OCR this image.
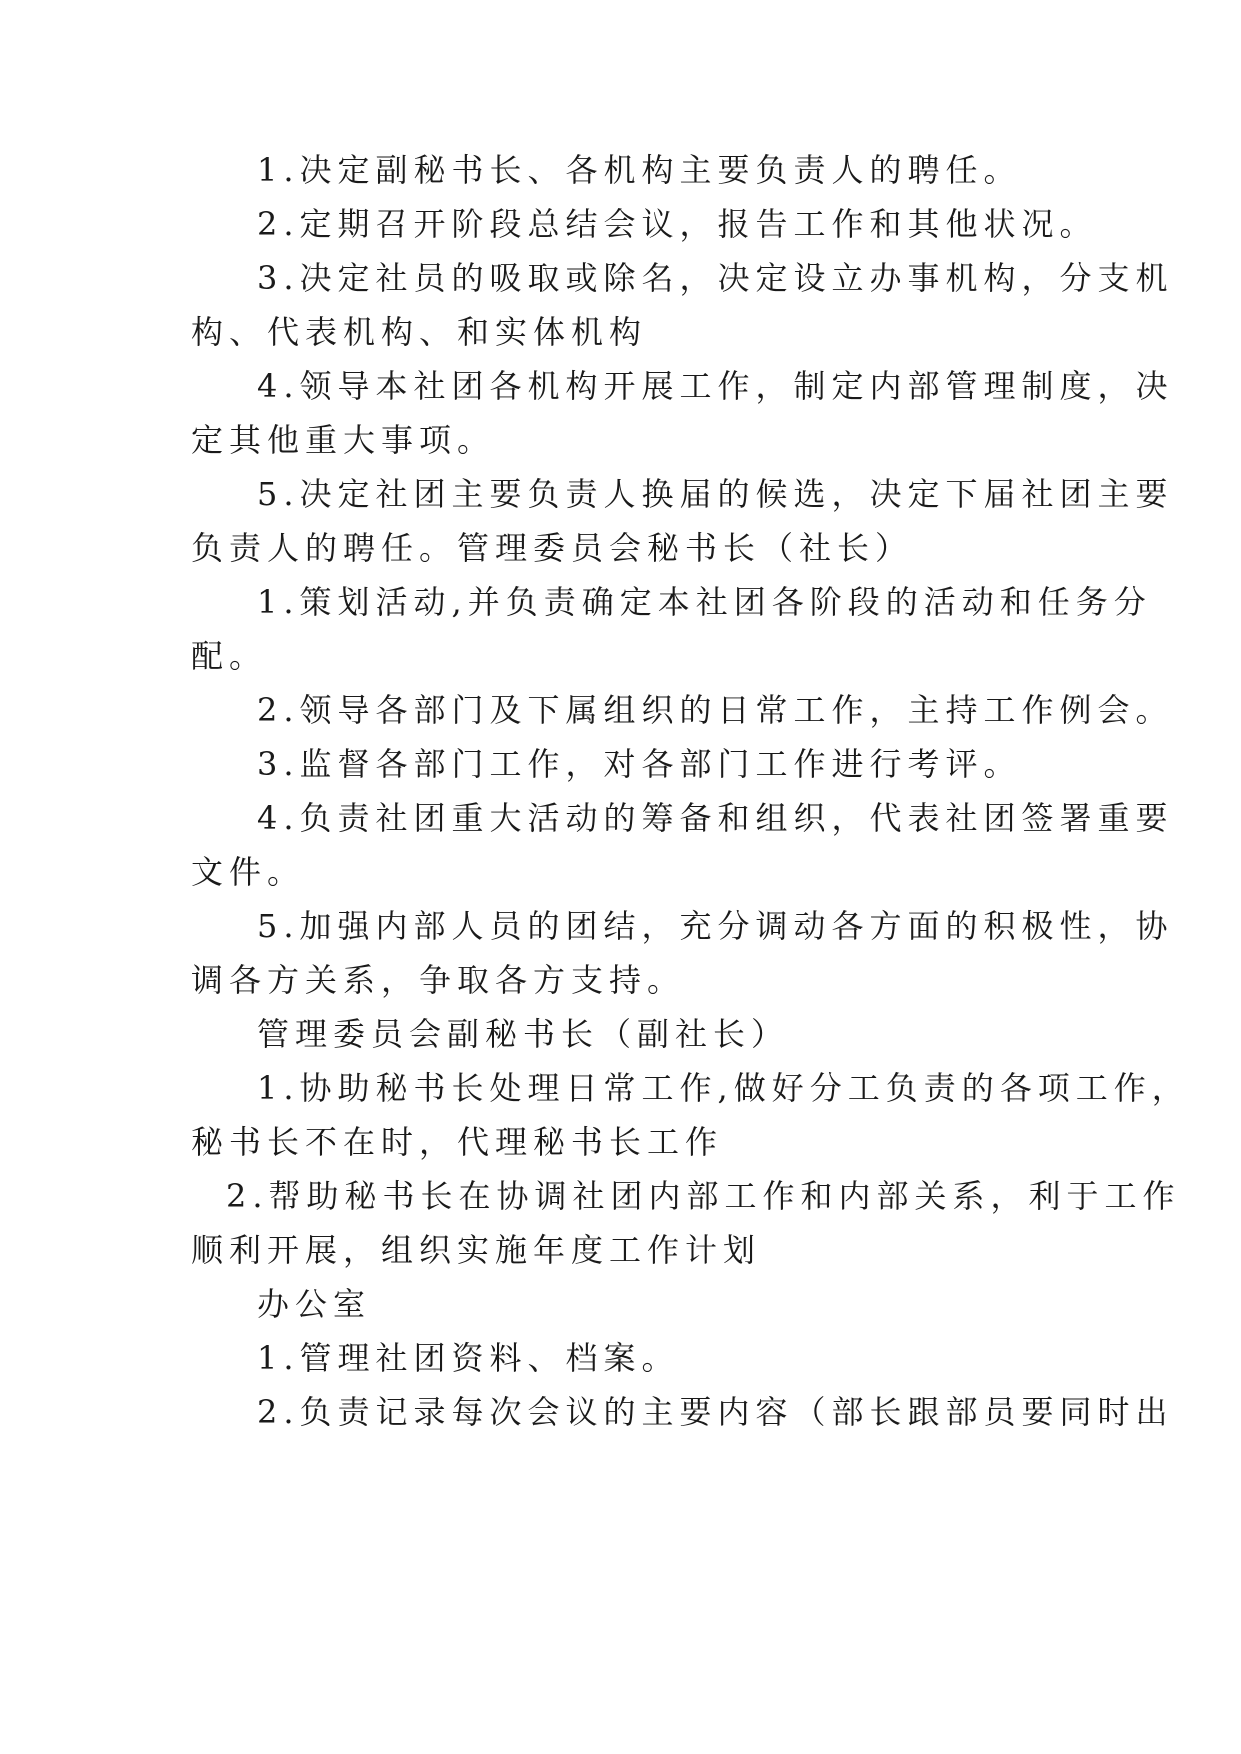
1.决定副秘书长、各机构主要负责人的聘任。
2.定期召开阶段总结会议，报告工作和其他状况。
3.决定社员的吸取或除名，决定设立办事机构，分支机
构、代表机构、和实体机构
4.领导本社团各机构开展工作，制定内部管理制度，决
定其他重大事项。
5.决定社团主要负责人换届的候选，决定下届社团主要
负责人的聘任。管理委员会秘书长（社长）
1.策划活动,并负责确定本社团各阶段的活动和任务分
配。
2.领导各部门及下属组织的日常工作，主持工作例会。
3.监督各部门工作，对各部门工作进行考评。
4.负责社团重大活动的筹备和组织，代表社团签署重要
文件。
5.加强内部人员的团结，充分调动各方面的积极性，协
调各方关系，争取各方支持。
管理委员会副秘书长（副社长）
1.协助秘书长处理日常工作,做好分工负责的各项工作，
秘书长不在时，代理秘书长工作
2.帮助秘书长在协调社团内部工作和内部关系，利于工作
顺利开展，组织实施年度工作计划
办公室
1.管理社团资料、档案。
2.负责记录每次会议的主要内容（部长跟部员要同时出
